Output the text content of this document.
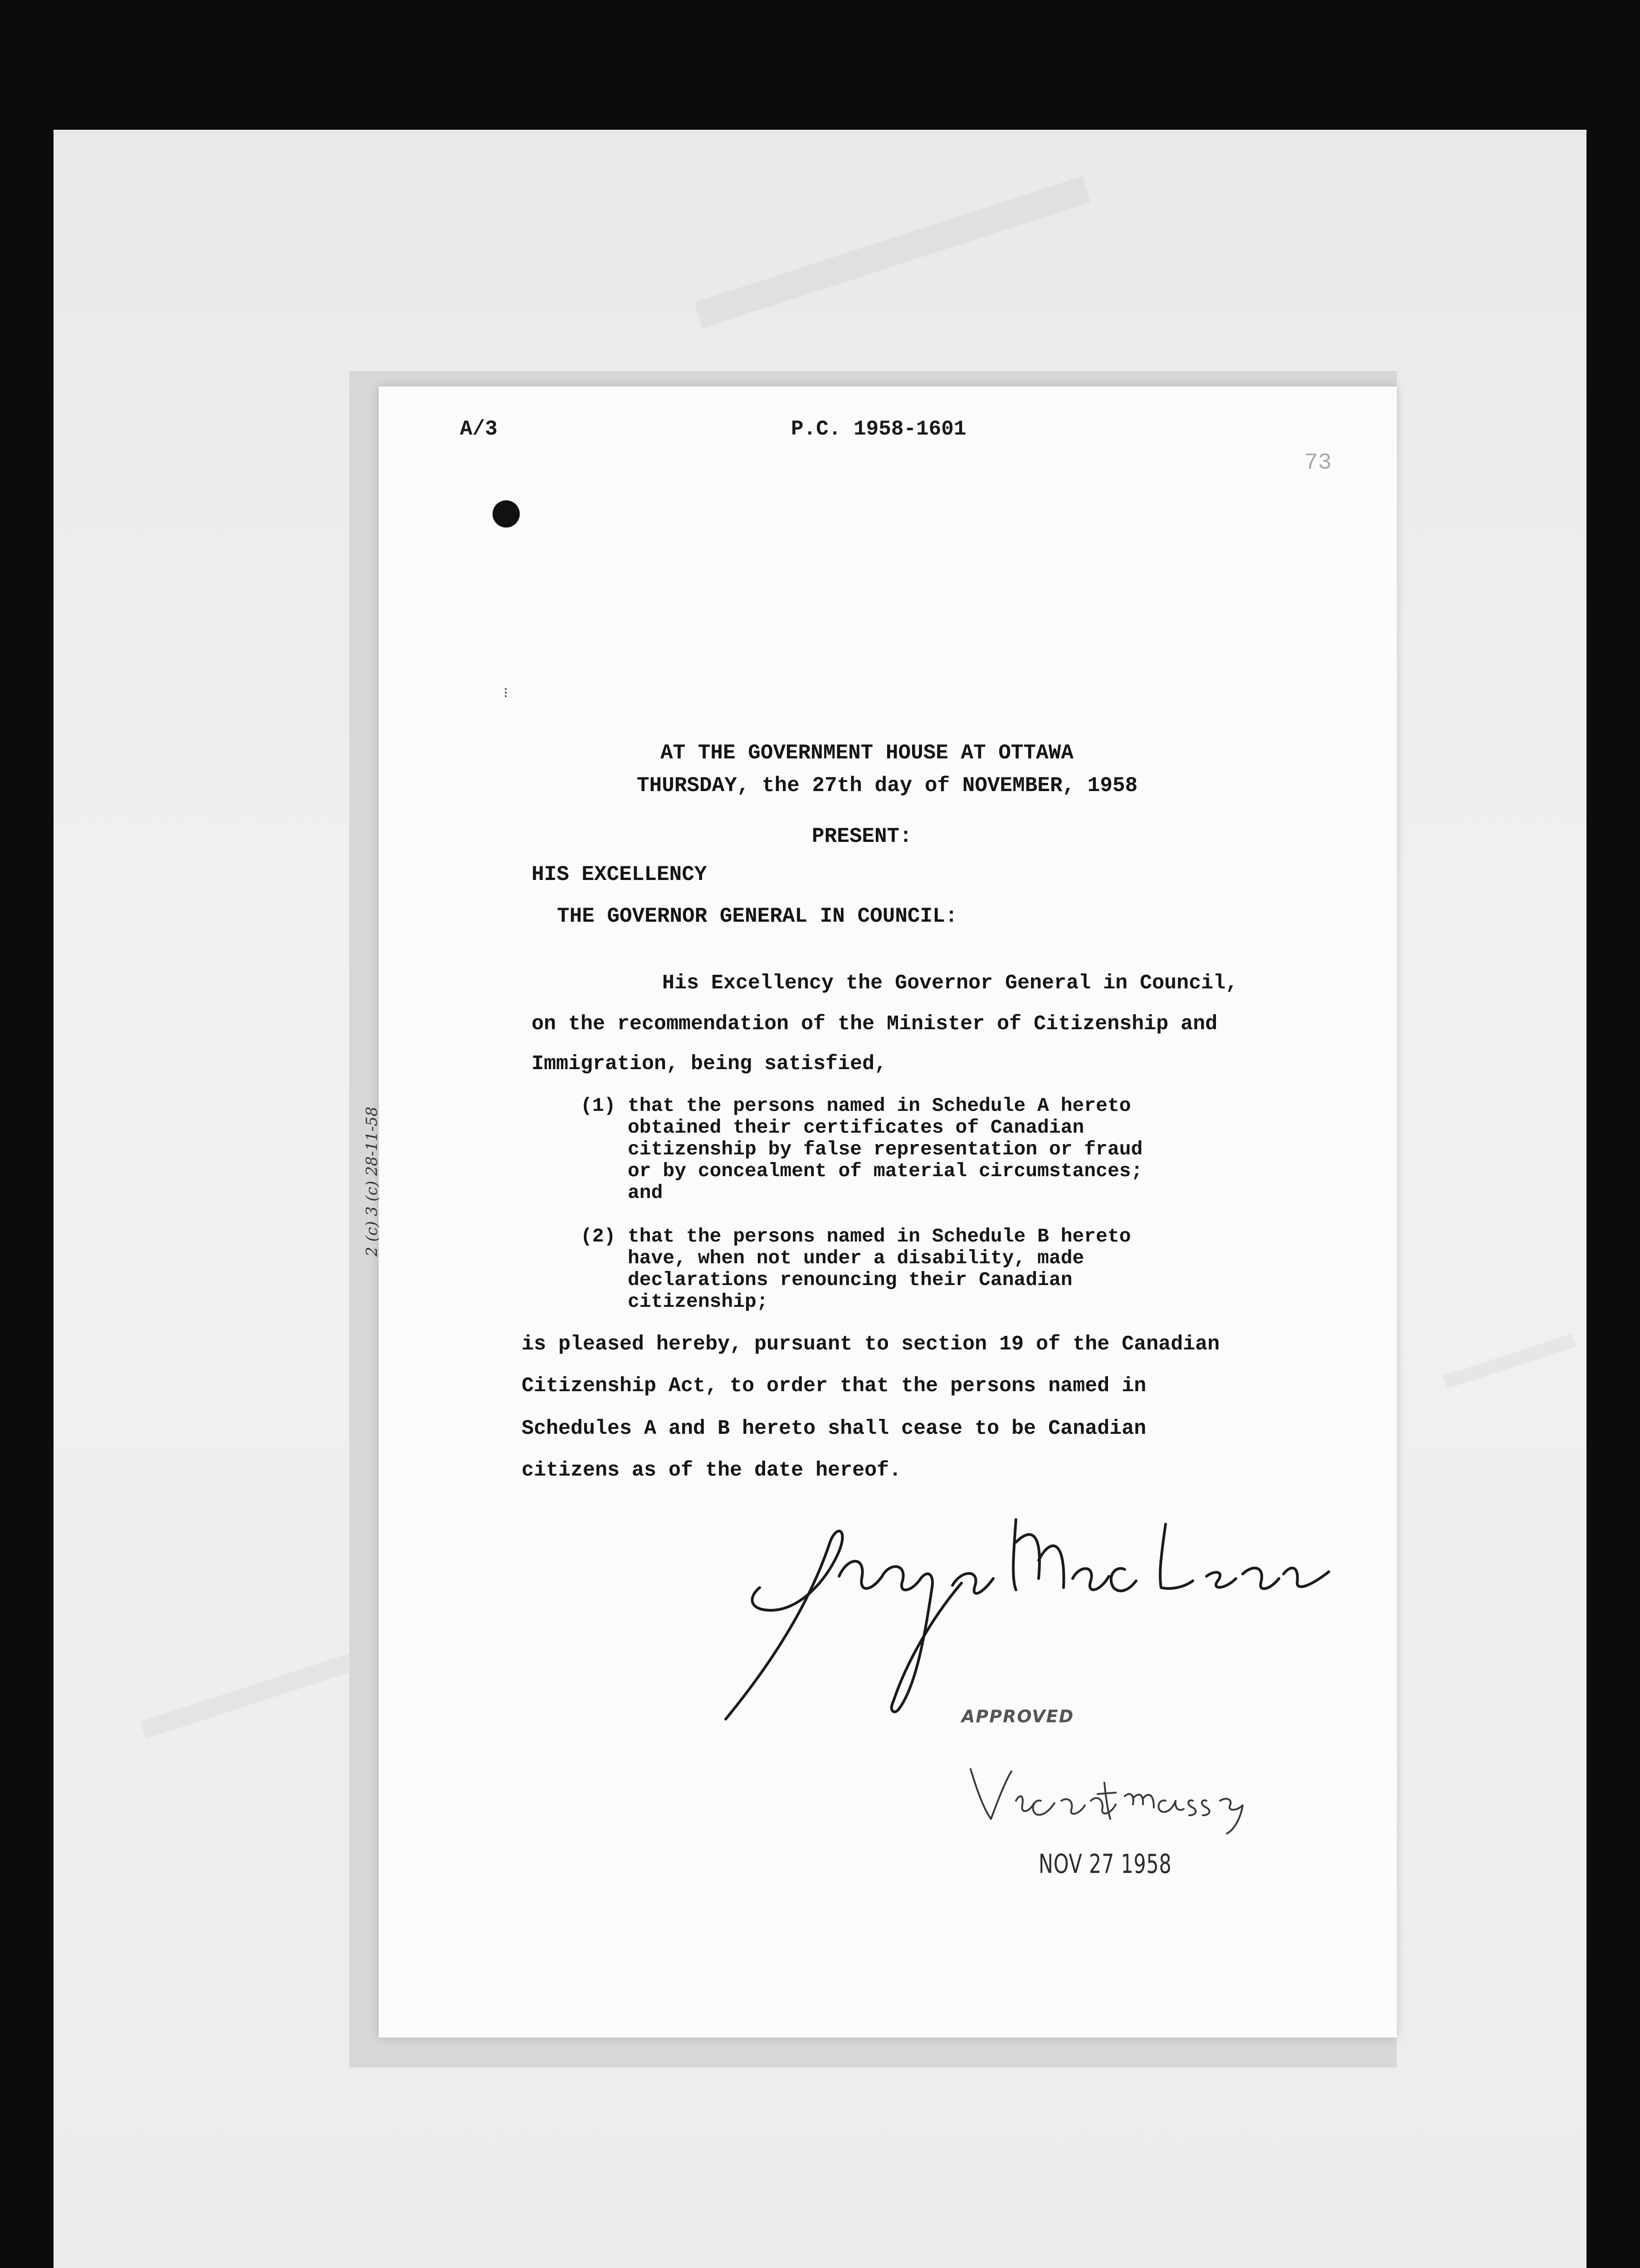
A/3	P.C. 1958-1601
73
⁝
AT THE GOVERNMENT HOUSE AT OTTAWA
THURSDAY, the 27th day of NOVEMBER, 1958
PRESENT:
HIS EXCELLENCY
THE GOVERNOR GENERAL IN COUNCIL:
His Excellency the Governor General in Council,
on the recommendation of the Minister of Citizenship and
Immigration, being satisfied,
(1) that the persons named in Schedule A hereto
obtained their certificates of Canadian
citizenship by false representation or fraud
or by concealment of material circumstances;
and
(2) that the persons named in Schedule B hereto
have, when not under a disability, made
declarations renouncing their Canadian
citizenship;
is pleased hereby, pursuant to section 19 of the Canadian
Citizenship Act, to order that the persons named in
Schedules A and B hereto shall cease to be Canadian
citizens as of the date hereof.
2 (c) 3 (c) 28-11-58
APPROVED
NOV 27 1958
